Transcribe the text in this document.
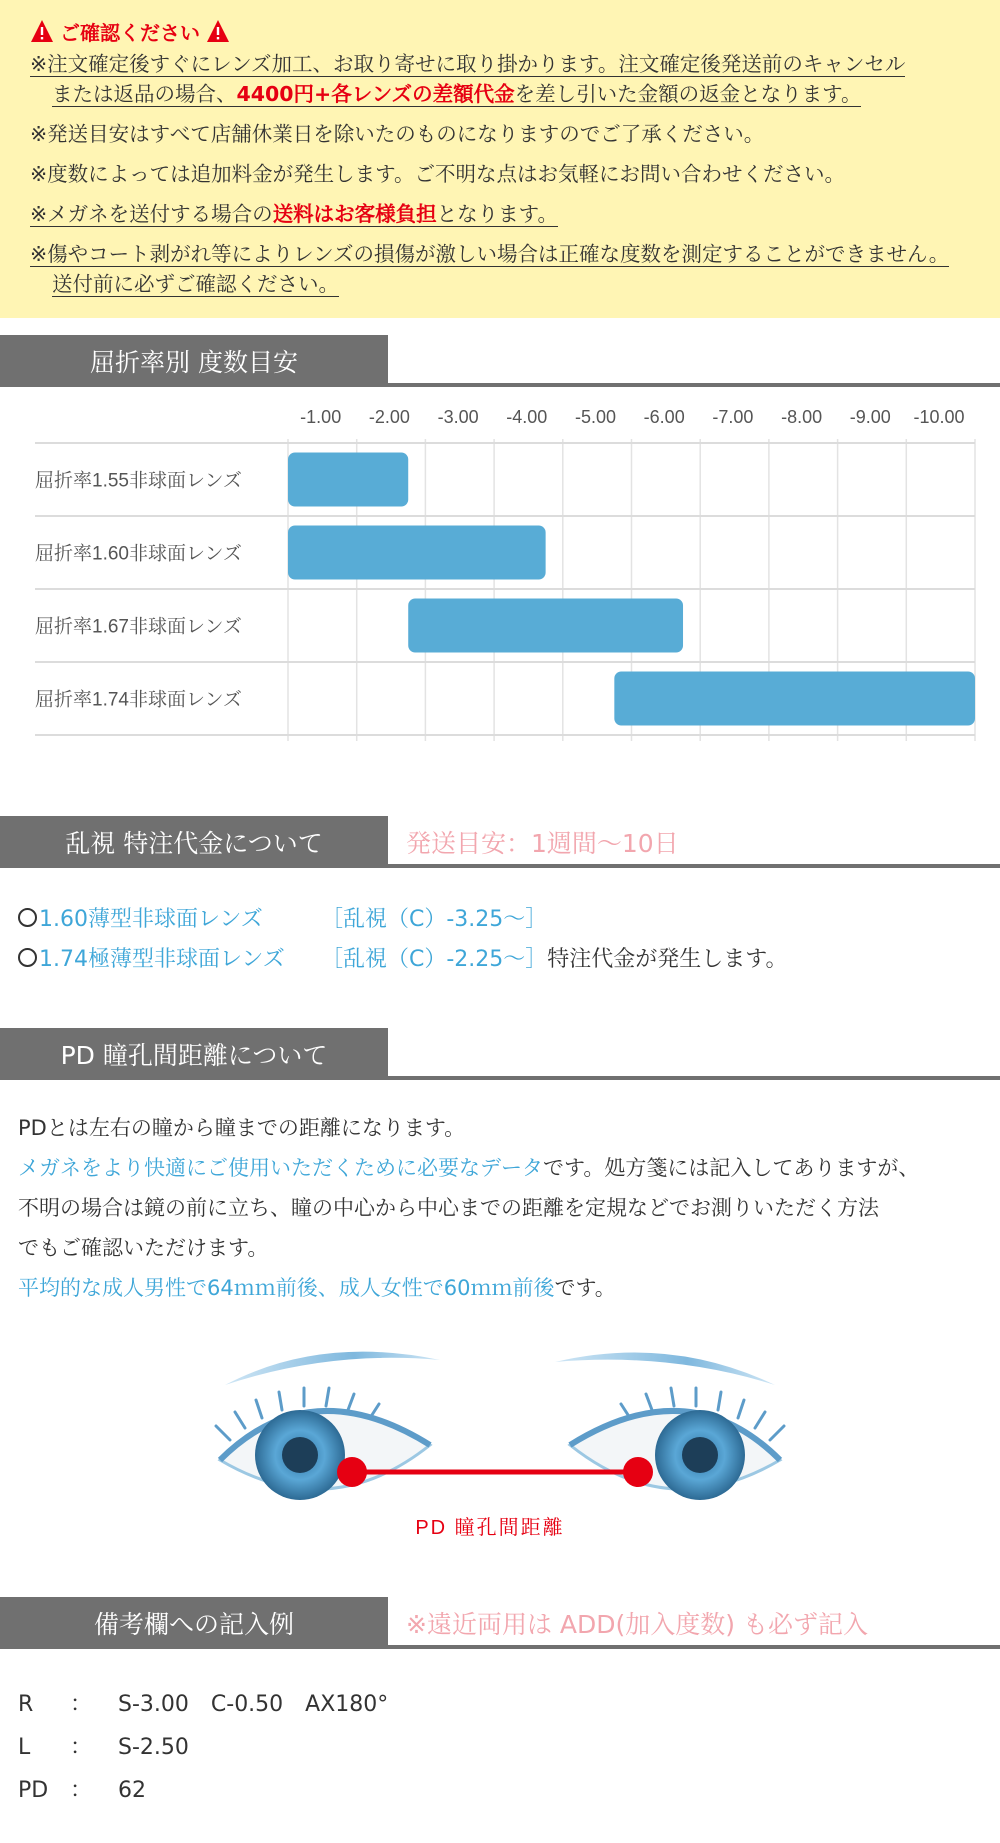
ご確認ください
※注文確定後すぐにレンズ加工、お取り寄せに取り掛かります。注文確定後発送前のキャンセル
または返品の場合、4400円+各レンズの差額代金を差し引いた金額の返金となります。
※発送目安はすべて店舗休業日を除いたのものになりますのでご了承ください。
※度数によっては追加料金が発生します。ご不明な点はお気軽にお問い合わせください。
※メガネを送付する場合の送料はお客様負担となります。
※傷やコート剥がれ等によりレンズの損傷が激しい場合は正確な度数を測定することができません。
送付前に必ずご確認ください。
屈折率別 度数目安
-1.00 -2.00 -3.00 -4.00 -5.00 -6.00 -7.00 -8.00 -9.00 -10.00
屈折率1.55非球面レンズ
屈折率1.60非球面レンズ
屈折率1.67非球面レンズ
屈折率1.74非球面レンズ
乱視 特注代金について	発送目安：1週間～10日
1.60薄型非球面レンズ	［乱視（C）-3.25～］
1.74極薄型非球面レンズ ［乱視（C）-2.25～］特注代金が発生します。
PD 瞳孔間距離について
PDとは左右の瞳から瞳までの距離になります。
メガネをより快適にご使用いただくために必要なデータです。処方箋には記入してありますが、
不明の場合は鏡の前に立ち、瞳の中心から中心までの距離を定規などでお測りいただく方法
でもご確認いただけます。
平均的な成人男性で64ｍｍ前後、成人女性で60ｍｍ前後です。
PD 瞳孔間距離
備考欄への記入例	※遠近両用は ADD(加入度数) も必ず記入
R ： S-3.00　C-0.50　AX180°
L ： S-2.50
PD ： 62
